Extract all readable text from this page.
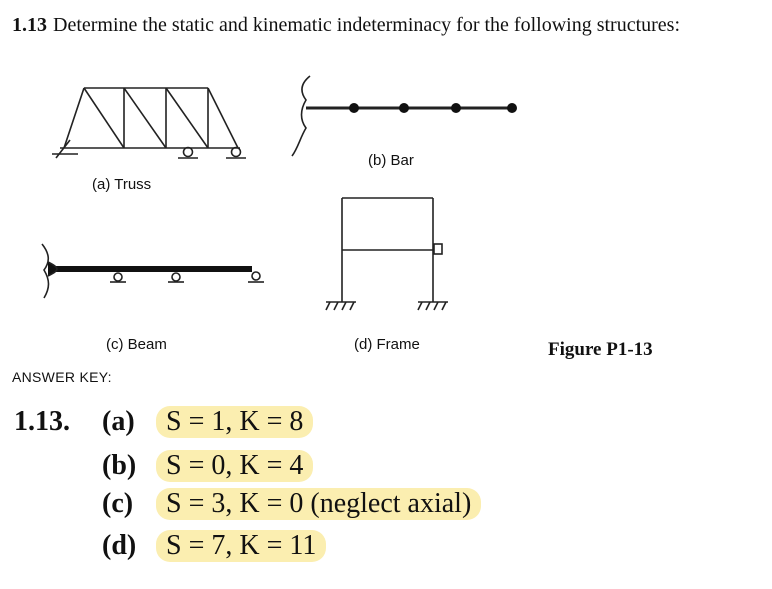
1.13 Determine the static and kinematic indeterminacy for the following structures:
(a) Truss
(b) Bar
(c) Beam	(d) Frame	Figure P1-13
ANSWER KEY:
1.13. (a) S = 1, K = 8
(b) S = 0, K = 4
(c) S = 3, K = 0 (neglect axial)
(d) S = 7, K = 11
